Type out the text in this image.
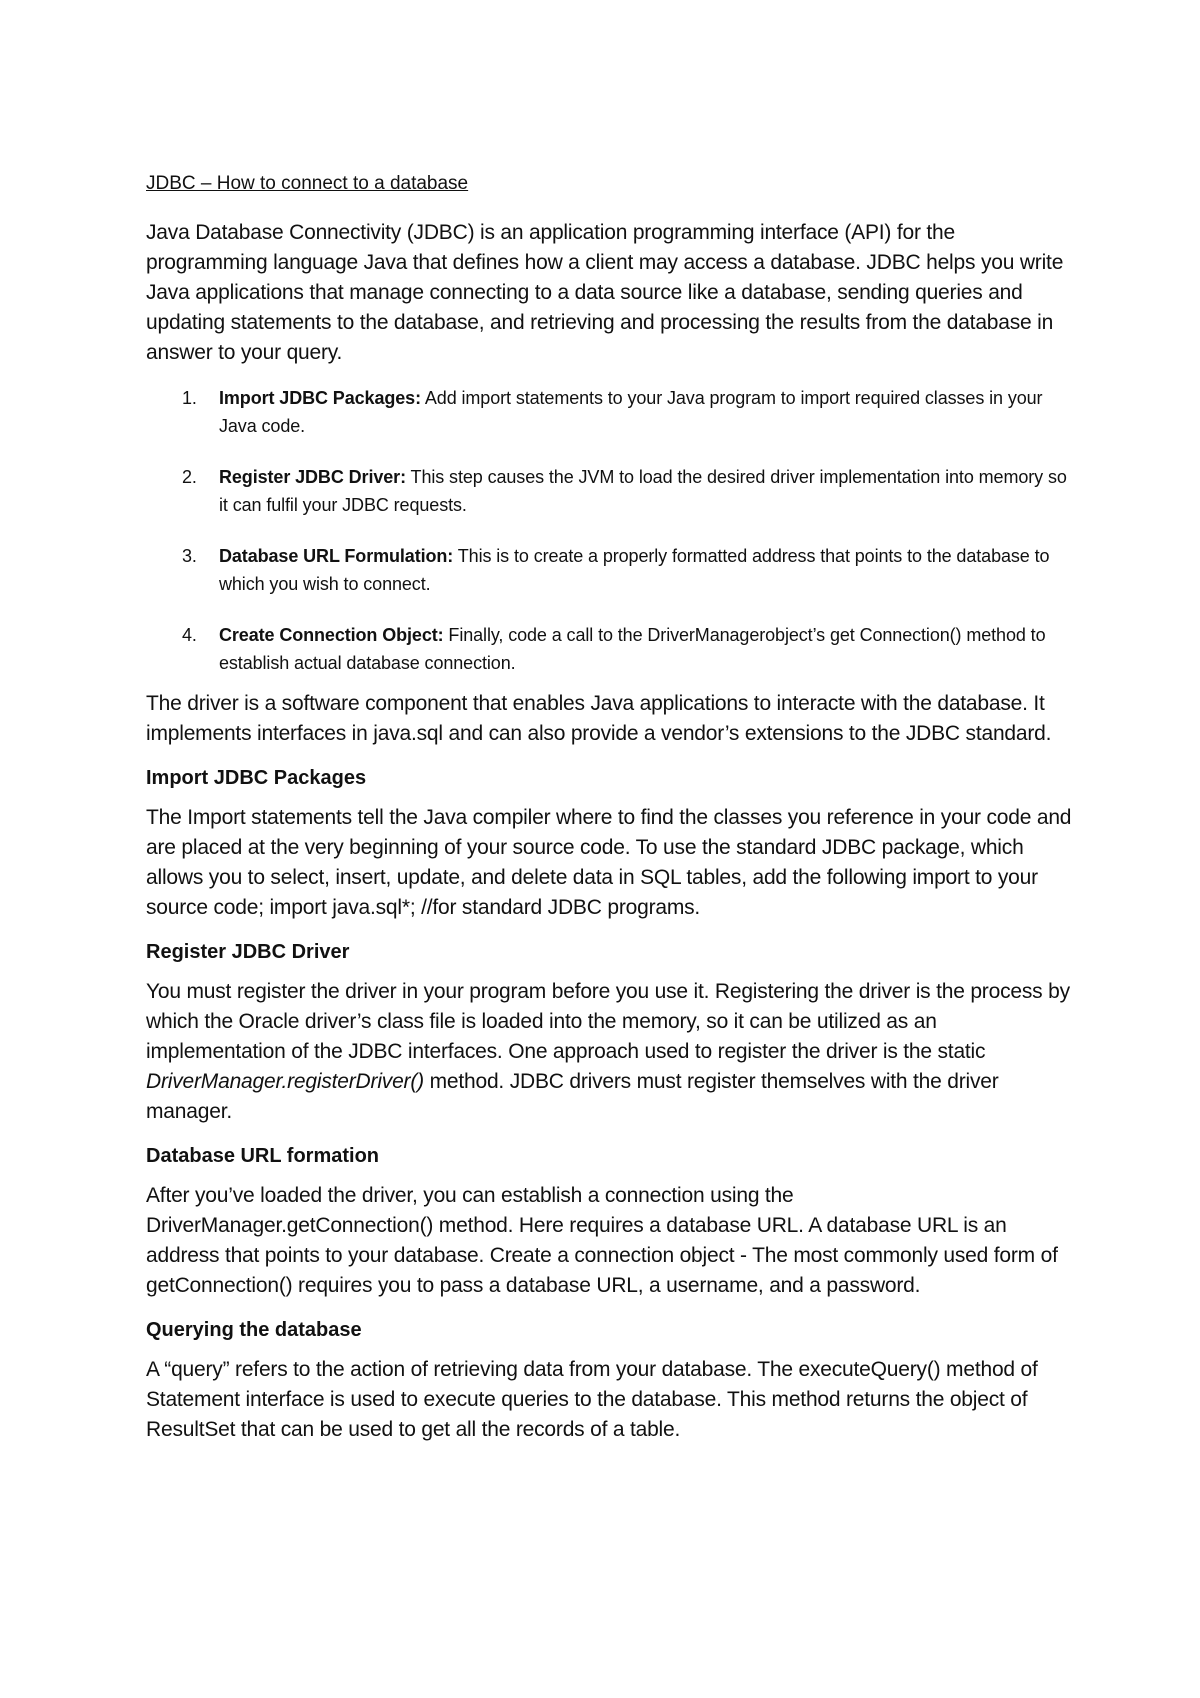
JDBC – How to connect to a database

Java Database Connectivity (JDBC) is an application programming interface (API) for the programming language Java that defines how a client may access a database. JDBC helps you write Java applications that manage connecting to a data source like a database, sending queries and updating statements to the database, and retrieving and processing the results from the database in answer to your query.

1. Import JDBC Packages: Add import statements to your Java program to import required classes in your Java code.
2. Register JDBC Driver: This step causes the JVM to load the desired driver implementation into memory so it can fulfil your JDBC requests.
3. Database URL Formulation: This is to create a properly formatted address that points to the database to which you wish to connect.
4. Create Connection Object: Finally, code a call to the DriverManagerobject’s get Connection() method to establish actual database connection.

The driver is a software component that enables Java applications to interacte with the database. It implements interfaces in java.sql and can also provide a vendor’s extensions to the JDBC standard.

Import JDBC Packages

The Import statements tell the Java compiler where to find the classes you reference in your code and are placed at the very beginning of your source code. To use the standard JDBC package, which allows you to select, insert, update, and delete data in SQL tables, add the following import to your source code; import java.sql*; //for standard JDBC programs.

Register JDBC Driver

You must register the driver in your program before you use it. Registering the driver is the process by which the Oracle driver’s class file is loaded into the memory, so it can be utilized as an implementation of the JDBC interfaces. One approach used to register the driver is the static DriverManager.registerDriver() method. JDBC drivers must register themselves with the driver manager.

Database URL formation

After you’ve loaded the driver, you can establish a connection using the DriverManager.getConnection() method. Here requires a database URL. A database URL is an address that points to your database. Create a connection object - The most commonly used form of getConnection() requires you to pass a database URL, a username, and a password.

Querying the database

A “query” refers to the action of retrieving data from your database. The executeQuery() method of Statement interface is used to execute queries to the database. This method returns the object of ResultSet that can be used to get all the records of a table.
